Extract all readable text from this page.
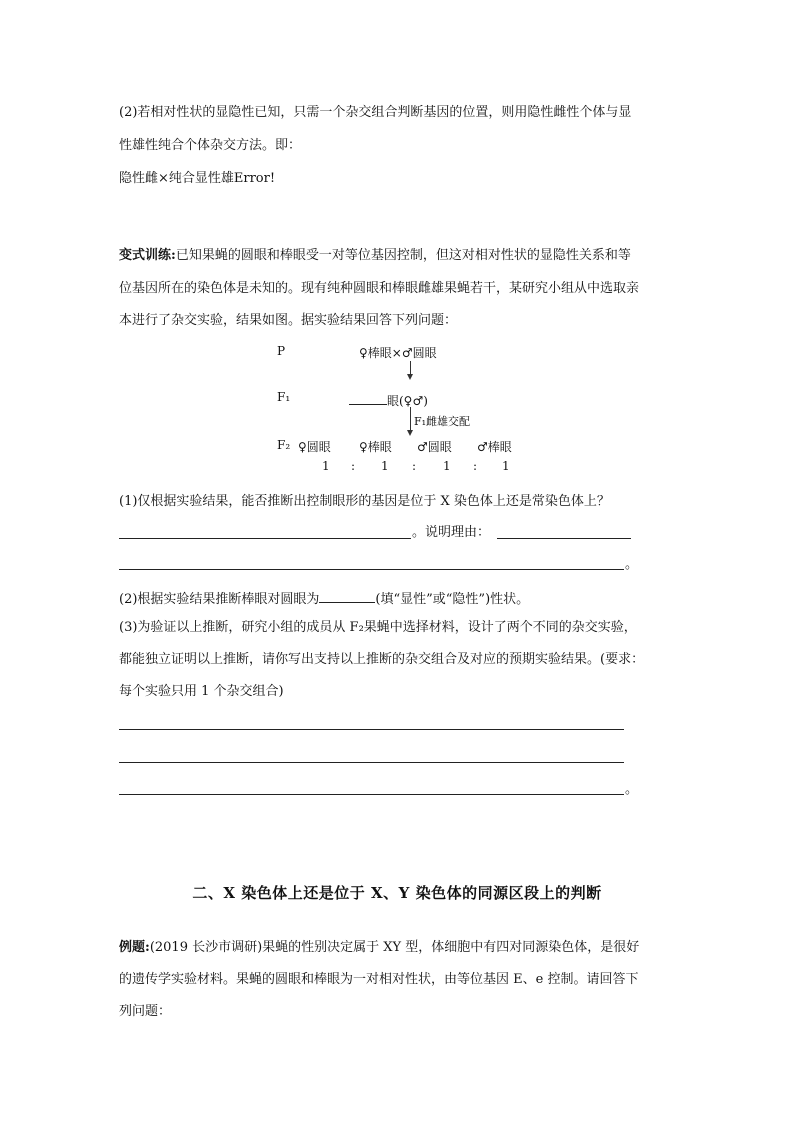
(2)若相对性状的显隐性已知，只需一个杂交组合判断基因的位置，则用隐性雌性个体与显
性雄性纯合个体杂交方法。即：
隐性雌×纯合显性雄Error!
变式训练:已知果蝇的圆眼和棒眼受一对等位基因控制，但这对相对性状的显隐性关系和等
位基因所在的染色体是未知的。现有纯种圆眼和棒眼雌雄果蝇若干，某研究小组从中选取亲
本进行了杂交实验，结果如图。据实验结果回答下列问题：
P	♀棒眼×♂圆眼
F₁	眼(♀♂)
F₁雌雄交配
F₂ ♀圆眼 ♀棒眼 ♂圆眼 ♂棒眼
1 : 1 : 1 : 1
(1)仅根据实验结果，能否推断出控制眼形的基因是位于 X 染色体上还是常染色体上？
。说明理由：
。
(2)根据实验结果推断棒眼对圆眼为	(填“显性”或“隐性”)性状。
(3)为验证以上推断，研究小组的成员从 F₂果蝇中选择材料，设计了两个不同的杂交实验，
都能独立证明以上推断，请你写出支持以上推断的杂交组合及对应的预期实验结果。(要求：
每个实验只用 1 个杂交组合)
。
二、X 染色体上还是位于 X、Y 染色体的同源区段上的判断
例题:(2019 长沙市调研)果蝇的性别决定属于 XY 型，体细胞中有四对同源染色体，是很好
的遗传学实验材料。果蝇的圆眼和棒眼为一对相对性状，由等位基因 E、e 控制。请回答下
列问题：
